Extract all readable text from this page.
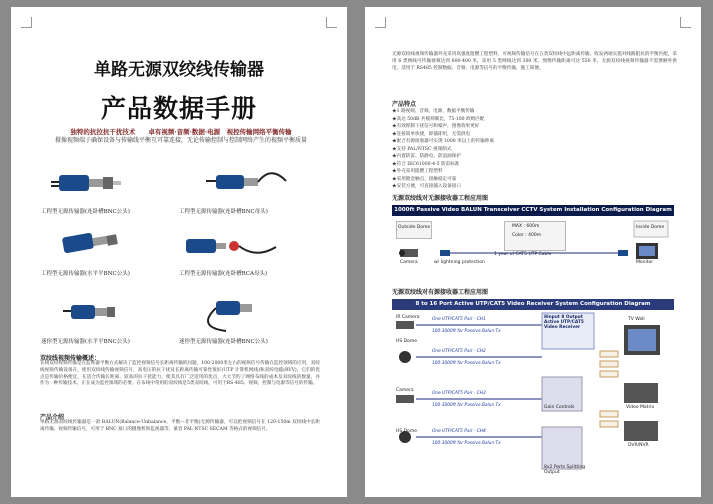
单路无源双绞线传输器
产品数据手册
独特的抗拉抗干扰技术　　卓有视频·音频·数据·电源　视控传输网络平衡传输
摄像视频端子确保设备与传输线平衡互可靠连接，无论传输控制与控制网络产生的视频平衡质量
工程型无源传输器(连卧槽BNC公头)	工程型无源传输器(连卧槽BNC母头)
工程型无源传输器(水平平BNC公头)	工程型无源传输器(连卧槽RCA母头)
迷你型无源传输器(水平平BNC公头)	迷你型无源传输器(连卧槽BNC公头)
双绞线视频传输概述：
长线双绞视频传输是在监视器平衡方式解决了监控视频信号长距离传输的问题，100-2000米左右的视频信号传输在监控领域的应用，双绞线视频传输设备在，使用双绞线传输视频信号，高电压的抗干扰及长距离传输可靠性很好(UTP 计算机网线)和双绞电缆(RVV)，它们的优点是传输价格便宜，在适合传输长距离，较高的抗干扰能力，使其具有广泛适用的优点，大大节约了网络布线的成本及双绞线的数量，并作为一种传输技术，正在成为监控领域的必要。在布线中常用的双绞线是5类双绞线。可用于RS-485、视频、控制与电源等信号的传输。
产品介绍
单路无源双绞线传输器是一款 BALUN(Balance-Unbalance，平衡—非平衡)无源传输器，可以把视频信号在 120-150m 双绞线中长距离传输，视频传输信号，可用于 BNC 接口的摄像机和监视器等，兼容 PAL NTSC SECAM 等格式的视频信号。
无源双绞线视频传输器外壳采用高强度阻燃工程塑料，可视频传输信号在五类双绞线中远距离传输，收发两端实施对线路阻抗的平衡匹配，采用 6 类网线可传输视频达到 600-400 米，采用 5 类网线达到 300 米。图像传输距离可达 550 米，无源双绞线视频传输器不需要额外供电，适用于 RS485 控制数据、音频、电源等信号的平衡传输，施工简便。
产品特点
★ 1 路视频、音频、电源、数据平衡传输
★ 高达 50dB 共模抑制比，75-100 欧姆匹配
★ 有效抑制干扰信号和噪声，图像效果更好
★ 连接简单快捷，即插即用，无需供电
★ 配合有源接收器可实现 1000 米以上的传输距离
★ 支持 PAL/NTSC 视频制式
★ 内置防雷、防静电、防浪涌保护
★ 符合 IEC61000-4-5 防雷标准
★ 外壳采用阻燃工程塑料
★ 采用镀金触点、接触稳定可靠
★ 安装方便，可直接插入设备接口
无源双绞线对无源接收器工程应用图
1000ft Passive Video BALUN Transceiver CCTV System Installation Configuration Diagram
Outside Dome	MAX : 600m
Color : 400m
1 year of CAT5 UTP Cable
Inside Dome
Camera	w/ lightning protection	Monitor
无源双绞线对有源接收器工程应用图
8 to 16 Port Active UTP/CAT5 Video Receiver System Configuration Diagram
IR Camera
HS Dome
Camera
HS Dome
One UTP/CAT5 Pair - CH1
100-3000ft for Passive Balun Tx
One UTP/CAT5 Pair - CH2
100-3000ft for Passive Balun Tx
One UTP/CAT5 Pair - CH3
100-3000ft for Passive Balun Tx
One UTP/CAT5 Pair - CH4
100-3000ft for Passive Balun Tx
8Input 8 Output Active UTP/CAT5 Video Receiver
Gain Controls
8x2 Ports Splitting Output
TV Wall
Video Matrix
DVR/NVR
